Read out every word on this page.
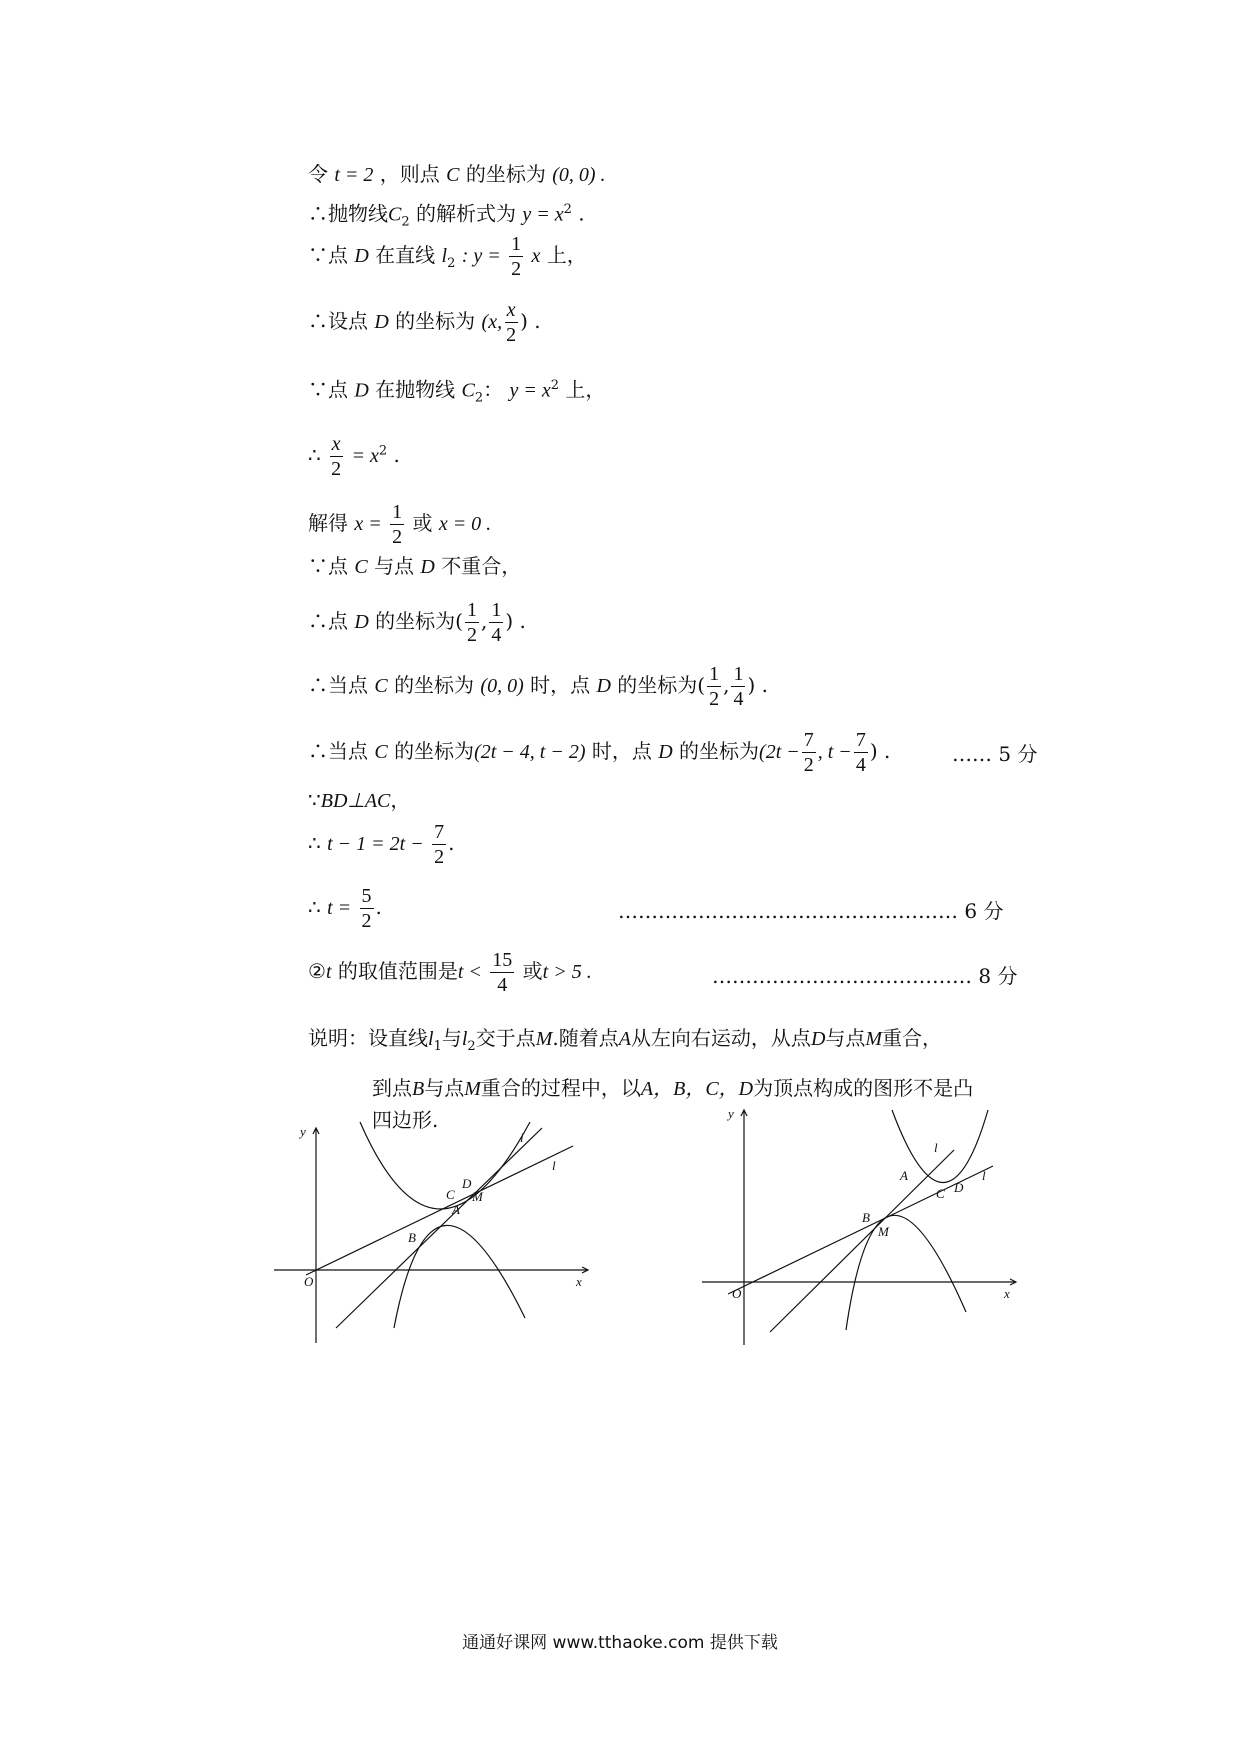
令 t = 2 ，则点 C 的坐标为 (0, 0) .
∴抛物线$C_2$ 的解析式为 $y = x^2$ .
∵点 D 在直线 $l_2$ : $y = \frac{1}{2}$ x 上，
∴设点 D 的坐标为 (x, $\frac{x}{2}$ ) .
∵点 D 在抛物线 $C_2$： $y = x^2$ 上，
∴ $\frac{x}{2} = x^2$ .
解得 $x = \frac{1}{2}$ 或 x = 0 .
∵点 C 与点 D 不重合，
∴点 D 的坐标为( $\frac{1}{2}$ , $\frac{1}{4}$ ) .
∴当点 C 的坐标为 (0, 0) 时，点 D 的坐标为( $\frac{1}{2}$ , $\frac{1}{4}$ ) .
∴当点 C 的坐标为(2t − 4, t − 2) 时，点 D 的坐标为($2t - \frac{7}{2}$ , $t - \frac{7}{4}$ ) .	…… 5 分
∵BD⊥AC，
∴ $t - 1 = 2t - \frac{7}{2}$ .
∴ $t = \frac{5}{2}$ .	…………………………………………… 6 分
②t 的取值范围是$t < \frac{15}{4}$ 或t > 5 .	………………………………… 8 分
说明：设直线$l_1$与$l_2$交于点M.随着点A从左向右运动，从点D与点M重合，
到点B与点M重合的过程中，以A，B，C，D为顶点构成的图形不是凸
四边形.
y
x
O
l
l
A
B
C
D
M
y
x
O
l
l
A
B
C D
M
通通好课网 www.tthaoke.com 提供下载
